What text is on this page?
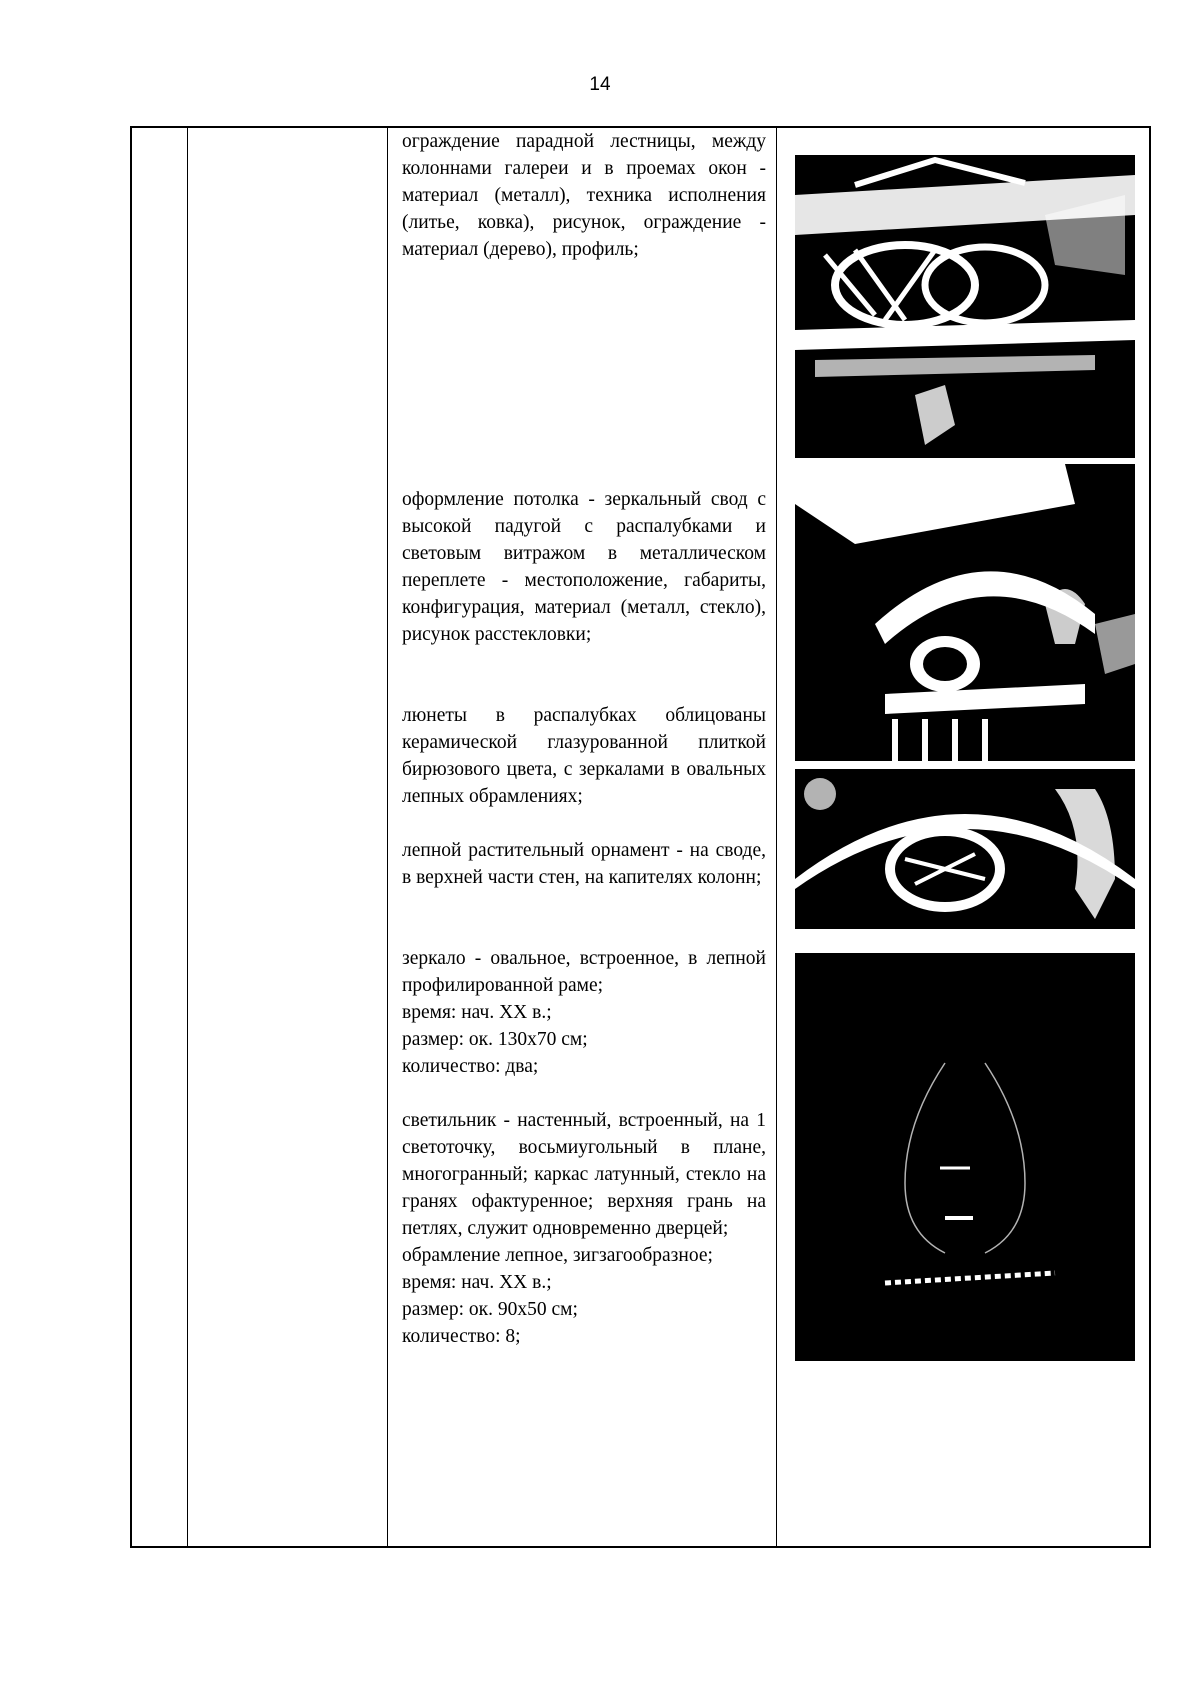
14

ограждение парадной лестницы, между колоннами галереи и в проемах окон - материал (металл), техника исполнения (литье, ковка), рисунок, ограждение - материал (дерево), профиль;

оформление потолка - зеркальный свод с высокой падугой с распалубками и световым витражом в металлическом переплете - местоположение, габариты, конфигурация, материал (металл, стекло), рисунок расстекловки;

люнеты в распалубках облицованы керамической глазурованной плиткой бирюзового цвета, с зеркалами в овальных лепных обрамлениях;

лепной растительный орнамент - на своде, в верхней части стен, на капителях колонн;

зеркало - овальное, встроенное, в лепной профилированной раме;

время: нач. XX в.;

размер: ок. 130х70 см;

количество: два;

светильник - настенный, встроенный, на 1 светоточку, восьмиугольный в плане, многогранный; каркас латунный, стекло на гранях офактуренное; верхняя грань на петлях, служит одновременно дверцей;

обрамление лепное, зигзагообразное;

время: нач. XX в.;

размер: ок. 90х50 см;

количество: 8;
